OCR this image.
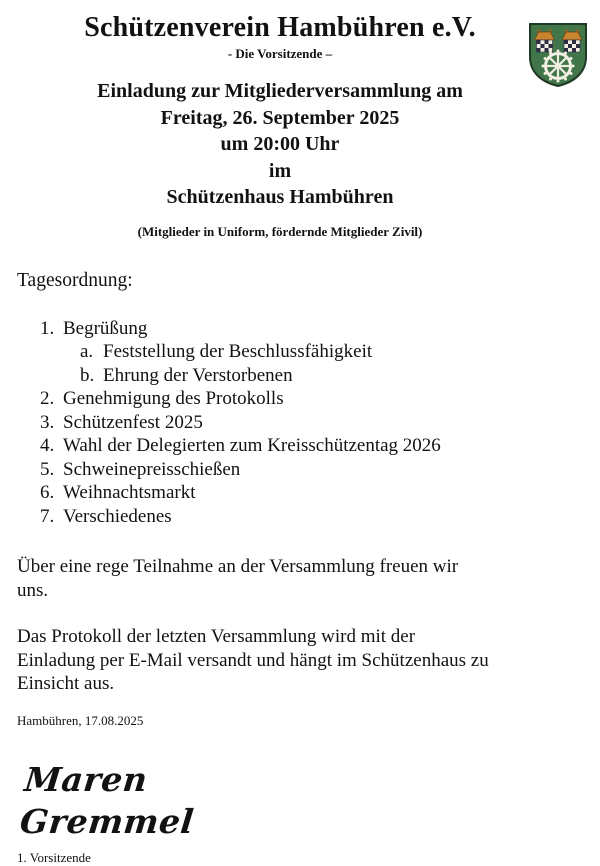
Schützenverein Hambühren e.V.
- Die Vorsitzende –
Einladung zur Mitgliederversammlung am
Freitag, 26. September 2025
um 20:00 Uhr
im
Schützenhaus Hambühren
(Mitglieder in Uniform, fördernde Mitglieder Zivil)
Tagesordnung:
1. Begrüßung
a. Feststellung der Beschlussfähigkeit
b. Ehrung der Verstorbenen
2. Genehmigung des Protokolls
3. Schützenfest 2025
4. Wahl der Delegierten zum Kreisschützentag 2026
5. Schweinepreisschießen
6. Weihnachtsmarkt
7. Verschiedenes
Über eine rege Teilnahme an der Versammlung freuen wir
uns.
Das Protokoll der letzten Versammlung wird mit der
Einladung per E-Mail versandt und hängt im Schützenhaus zu
Einsicht aus.
Hambühren, 17.08.2025
Maren Gremmel
1. Vorsitzende
